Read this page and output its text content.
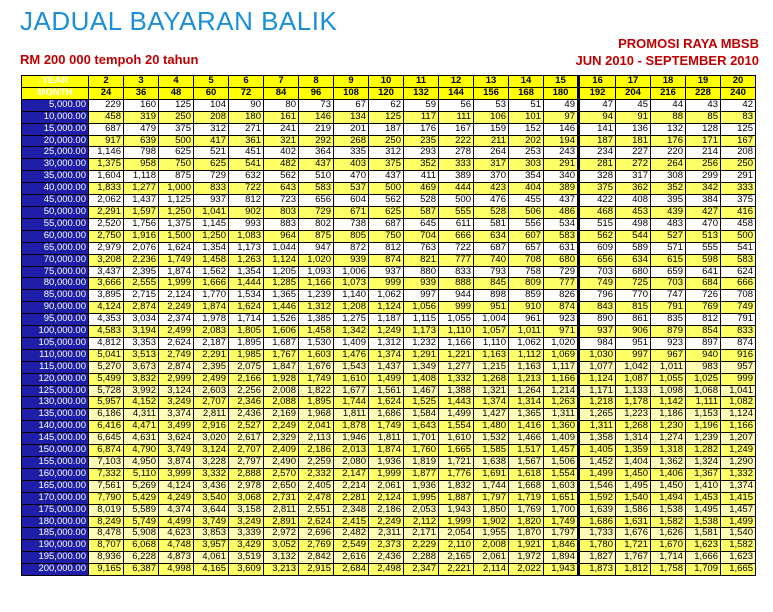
JADUAL BAYARAN BALIK
RM 200 000 tempoh 20 tahun
PROMOSI RAYA MBSB
JUN 2010 - SEPTEMBER 2010
YEAR	2	3	4	5	6	7	8	9	10	11	12	13	14	15	16	17	18	19	20
MONTH	24	36	48	60	72	84	96	108	120	132	144	156	168	180	192	204	216	228	240
5,000.00	229	160	125	104	90	80	73	67	62	59	56	53	51	49	47	45	44	43	42
10,000.00	458	319	250	208	180	161	146	134	125	117	111	106	101	97	94	91	88	85	83
15,000.00	687	479	375	312	271	241	219	201	187	176	167	159	152	146	141	136	132	128	125
20,000.00	917	639	500	417	361	321	292	268	250	235	222	211	202	194	187	181	176	171	167
25,000.00	1,146	798	625	521	451	402	364	335	312	293	278	264	253	243	234	227	220	214	208
30,000.00	1,375	958	750	625	541	482	437	403	375	352	333	317	303	291	281	272	264	256	250
35,000.00	1,604	1,118	875	729	632	562	510	470	437	411	389	370	354	340	328	317	308	299	291
40,000.00	1,833	1,277	1,000	833	722	643	583	537	500	469	444	423	404	389	375	362	352	342	333
45,000.00	2,062	1,437	1,125	937	812	723	656	604	562	528	500	476	455	437	422	408	395	384	375
50,000.00	2,291	1,597	1,250	1,041	902	803	729	671	625	587	555	528	506	486	468	453	439	427	416
55,000.00	2,520	1,756	1,375	1,145	993	883	802	738	687	645	611	581	556	534	515	498	483	470	458
60,000.00	2,750	1,916	1,500	1,250	1,083	964	875	805	750	704	666	634	607	583	562	544	527	513	500
65,000.00	2,979	2,076	1,624	1,354	1,173	1,044	947	872	812	763	722	687	657	631	609	589	571	555	541
70,000.00	3,208	2,236	1,749	1,458	1,263	1,124	1,020	939	874	821	777	740	708	680	656	634	615	598	583
75,000.00	3,437	2,395	1,874	1,562	1,354	1,205	1,093	1,006	937	880	833	793	758	729	703	680	659	641	624
80,000.00	3,666	2,555	1,999	1,666	1,444	1,285	1,166	1,073	999	939	888	845	809	777	749	725	703	684	666
85,000.00	3,895	2,715	2,124	1,770	1,534	1,365	1,239	1,140	1,062	997	944	898	859	826	796	770	747	726	708
90,000.00	4,124	2,874	2,249	1,874	1,624	1,446	1,312	1,208	1,124	1,056	999	951	910	874	843	815	791	769	749
95,000.00	4,353	3,034	2,374	1,978	1,714	1,526	1,385	1,275	1,187	1,115	1,055	1,004	961	923	890	861	835	812	791
100,000.00	4,583	3,194	2,499	2,083	1,805	1,606	1,458	1,342	1,249	1,173	1,110	1,057	1,011	971	937	906	879	854	833
105,000.00	4,812	3,353	2,624	2,187	1,895	1,687	1,530	1,409	1,312	1,232	1,166	1,110	1,062	1,020	984	951	923	897	874
110,000.00	5,041	3,513	2,749	2,291	1,985	1,767	1,603	1,476	1,374	1,291	1,221	1,163	1,112	1,069	1,030	997	967	940	916
115,000.00	5,270	3,673	2,874	2,395	2,075	1,847	1,676	1,543	1,437	1,349	1,277	1,215	1,163	1,117	1,077	1,042	1,011	983	957
120,000.00	5,499	3,832	2,999	2,499	2,166	1,928	1,749	1,610	1,499	1,408	1,332	1,268	1,213	1,166	1,124	1,087	1,055	1,025	999
125,000.00	5,728	3,992	3,124	2,603	2,256	2,008	1,822	1,677	1,561	1,467	1,388	1,321	1,264	1,214	1,171	1,133	1,098	1,068	1,041
130,000.00	5,957	4,152	3,249	2,707	2,346	2,088	1,895	1,744	1,624	1,525	1,443	1,374	1,314	1,263	1,218	1,178	1,142	1,111	1,082
135,000.00	6,186	4,311	3,374	2,811	2,436	2,169	1,968	1,811	1,686	1,584	1,499	1,427	1,365	1,311	1,265	1,223	1,186	1,153	1,124
140,000.00	6,416	4,471	3,499	2,916	2,527	2,249	2,041	1,878	1,749	1,643	1,554	1,480	1,416	1,360	1,311	1,268	1,230	1,196	1,166
145,000.00	6,645	4,631	3,624	3,020	2,617	2,329	2,113	1,946	1,811	1,701	1,610	1,532	1,466	1,409	1,358	1,314	1,274	1,239	1,207
150,000.00	6,874	4,790	3,749	3,124	2,707	2,409	2,186	2,013	1,874	1,760	1,665	1,585	1,517	1,457	1,405	1,359	1,318	1,282	1,249
155,000.00	7,103	4,950	3,874	3,228	2,797	2,490	2,259	2,080	1,936	1,819	1,721	1,638	1,567	1,506	1,452	1,404	1,362	1,324	1,290
160,000.00	7,332	5,110	3,999	3,332	2,888	2,570	2,332	2,147	1,999	1,877	1,776	1,691	1,618	1,554	1,499	1,450	1,406	1,367	1,332
165,000.00	7,561	5,269	4,124	3,436	2,978	2,650	2,405	2,214	2,061	1,936	1,832	1,744	1,668	1,603	1,546	1,495	1,450	1,410	1,374
170,000.00	7,790	5,429	4,249	3,540	3,068	2,731	2,478	2,281	2,124	1,995	1,887	1,797	1,719	1,651	1,592	1,540	1,494	1,453	1,415
175,000.00	8,019	5,589	4,374	3,644	3,158	2,811	2,551	2,348	2,186	2,053	1,943	1,850	1,769	1,700	1,639	1,586	1,538	1,495	1,457
180,000.00	8,249	5,749	4,499	3,749	3,249	2,891	2,624	2,415	2,249	2,112	1,999	1,902	1,820	1,749	1,686	1,631	1,582	1,538	1,499
185,000.00	8,478	5,908	4,623	3,853	3,339	2,972	2,696	2,482	2,311	2,171	2,054	1,955	1,870	1,797	1,733	1,676	1,626	1,581	1,540
190,000.00	8,707	6,068	4,748	3,957	3,429	3,052	2,769	2,549	2,373	2,229	2,110	2,008	1,921	1,846	1,780	1,721	1,670	1,623	1,582
195,000.00	8,936	6,228	4,873	4,061	3,519	3,132	2,842	2,616	2,436	2,288	2,165	2,061	1,972	1,894	1,827	1,767	1,714	1,666	1,623
200,000.00	9,165	6,387	4,998	4,165	3,609	3,213	2,915	2,684	2,498	2,347	2,221	2,114	2,022	1,943	1,873	1,812	1,758	1,709	1,665
